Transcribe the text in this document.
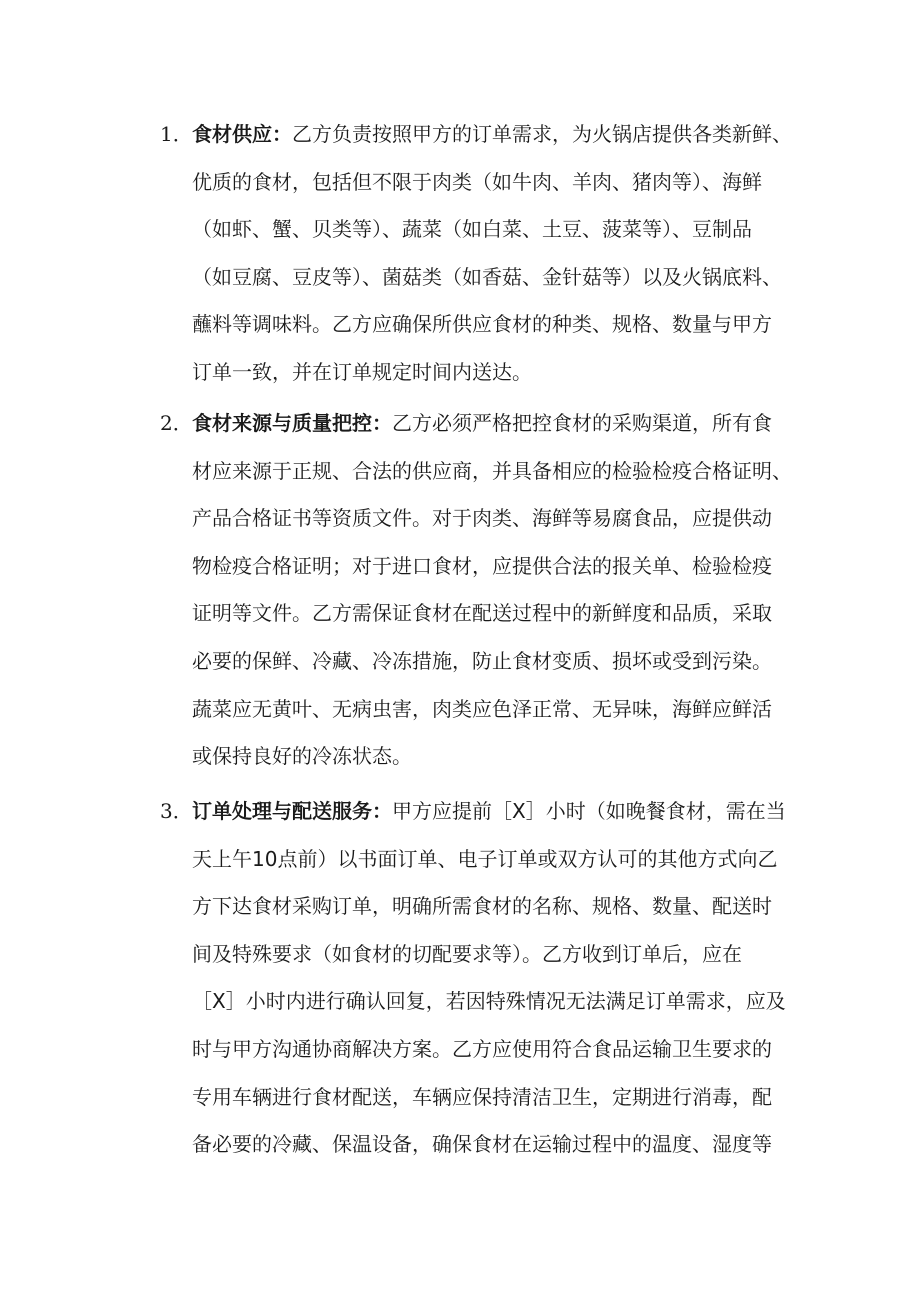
1． 食材供应：乙方负责按照甲方的订单需求，为火锅店提供各类新鲜、
优质的食材，包括但不限于肉类（如牛肉、羊肉、猪肉等）、海鲜
（如虾、蟹、贝类等）、蔬菜（如白菜、土豆、菠菜等）、豆制品
（如豆腐、豆皮等）、菌菇类（如香菇、金针菇等）以及火锅底料、
蘸料等调味料。乙方应确保所供应食材的种类、规格、数量与甲方
订单一致，并在订单规定时间内送达。
2． 食材来源与质量把控：乙方必须严格把控食材的采购渠道，所有食
材应来源于正规、合法的供应商，并具备相应的检验检疫合格证明、
产品合格证书等资质文件。对于肉类、海鲜等易腐食品，应提供动
物检疫合格证明；对于进口食材，应提供合法的报关单、检验检疫
证明等文件。乙方需保证食材在配送过程中的新鲜度和品质，采取
必要的保鲜、冷藏、冷冻措施，防止食材变质、损坏或受到污染。
蔬菜应无黄叶、无病虫害，肉类应色泽正常、无异味，海鲜应鲜活
或保持良好的冷冻状态。
3． 订单处理与配送服务：甲方应提前［X］小时（如晚餐食材，需在当
天上午10点前）以书面订单、电子订单或双方认可的其他方式向乙
方下达食材采购订单，明确所需食材的名称、规格、数量、配送时
间及特殊要求（如食材的切配要求等）。乙方收到订单后，应在
［X］小时内进行确认回复，若因特殊情况无法满足订单需求，应及
时与甲方沟通协商解决方案。乙方应使用符合食品运输卫生要求的
专用车辆进行食材配送，车辆应保持清洁卫生，定期进行消毒，配
备必要的冷藏、保温设备，确保食材在运输过程中的温度、湿度等
